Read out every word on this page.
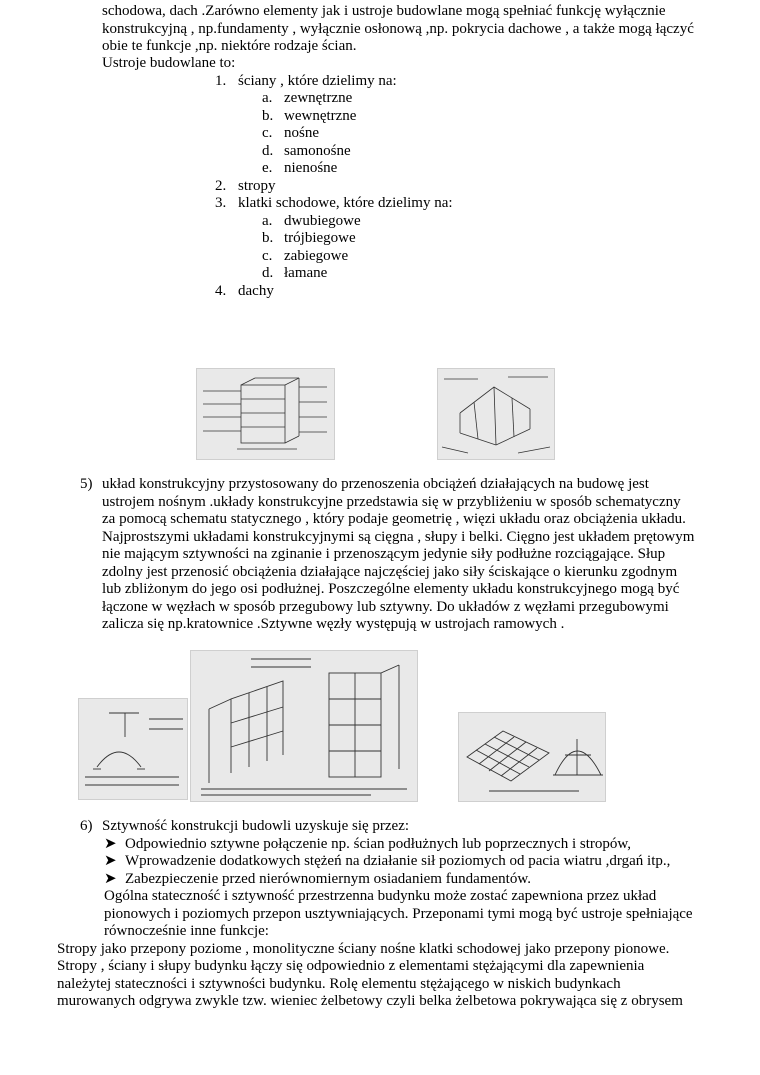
schodowa, dach .Zarówno elementy jak i ustroje budowlane mogą spełniać funkcję wyłącznie
konstrukcyjną , np.fundamenty , wyłącznie osłonową ,np. pokrycia dachowe , a także mogą łączyć
obie te funkcje ,np. niektóre rodzaje ścian.
Ustroje budowlane to:
1. ściany , które dzielimy na:
a. zewnętrzne
b. wewnętrzne
c. nośne
d. samonośne
e. nienośne
2. stropy
3. klatki schodowe, które dzielimy na:
a. dwubiegowe
b. trójbiegowe
c. zabiegowe
d. łamane
4. dachy
5) układ konstrukcyjny przystosowany do przenoszenia obciążeń działających na budowę jest
ustrojem nośnym .układy konstrukcyjne przedstawia się w przybliżeniu w sposób schematyczny
za pomocą schematu statycznego , który podaje geometrię , więzi układu oraz obciążenia układu.
Najprostszymi układami konstrukcyjnymi są cięgna , słupy i belki. Cięgno jest układem prętowym
nie mającym sztywności na zginanie i przenoszącym jedynie siły podłużne rozciągające. Słup
zdolny jest przenosić obciążenia działające najczęściej jako siły ściskające o kierunku zgodnym
lub zbliżonym do jego osi podłużnej. Poszczególne elementy układu konstrukcyjnego mogą być
łączone w węzłach w sposób przegubowy lub sztywny. Do układów z węzłami przegubowymi
zalicza się np.kratownice .Sztywne węzły występują w ustrojach ramowych .
6) Sztywność konstrukcji budowli uzyskuje się przez:
➤ Odpowiednio sztywne połączenie np. ścian podłużnych lub poprzecznych i stropów,
➤ Wprowadzenie dodatkowych stężeń na działanie sił poziomych od pacia wiatru ,drgań itp.,
➤ Zabezpieczenie przed nierównomiernym osiadaniem fundamentów.
Ogólna stateczność i sztywność przestrzenna budynku może zostać zapewniona przez układ
pionowych i poziomych przepon usztywniających. Przeponami tymi mogą być ustroje spełniające
równocześnie inne funkcje:
Stropy jako przepony poziome , monolityczne ściany nośne klatki schodowej jako przepony pionowe.
Stropy , ściany i słupy budynku łączy się odpowiednio z elementami stężającymi dla zapewnienia
należytej stateczności i sztywności budynku. Rolę elementu stężającego w niskich budynkach
murowanych odgrywa zwykle tzw. wieniec żelbetowy czyli belka żelbetowa pokrywająca się z obrysem
